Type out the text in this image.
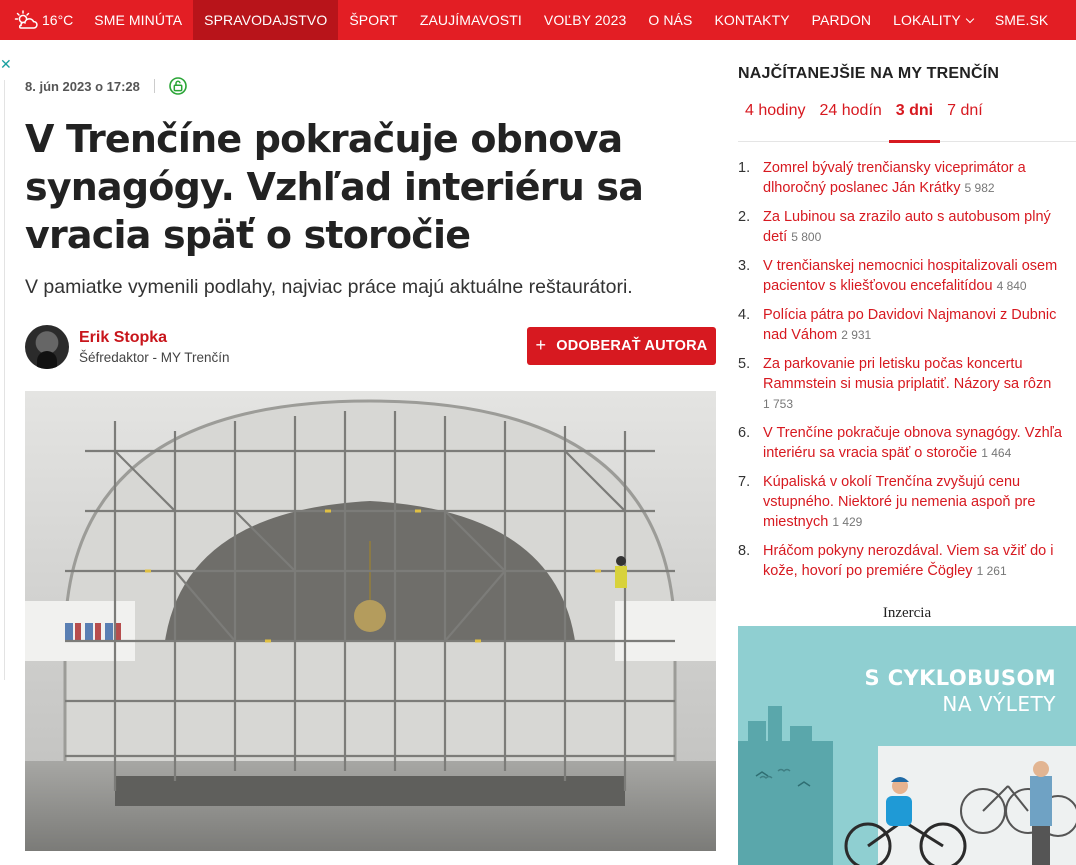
16°C	SME MINÚTA	SPRAVODAJSTVO	ŠPORT	ZAUJÍMAVOSTI	VOĽBY 2023	O NÁS	KONTAKTY	PARDON	LOKALITY	SME.SK
✕
8. jún 2023 o 17:28
V Trenčíne pokračuje obnova synagógy. Vzhľad interiéru sa vracia späť o storočie

V pamiatke vymenili podlahy, najviac práce majú aktuálne reštaurátori.

Erik Stopka
Šéfredaktor - MY Trenčín
+ ODOBERAŤ AUTORA
NAJČÍTANEJŠIE NA MY TRENČÍN
4 hodiny 24 hodín 3 dni 7 dní
1. Zomrel bývalý trenčiansky viceprimátor a
dlhoročný poslanec Ján Krátky 5 982
2. Za Lubinou sa zrazilo auto s autobusom plný
detí 5 800
3. V trenčianskej nemocnici hospitalizovali osem
pacientov s kliešťovou encefalitídou 4 840
4. Polícia pátra po Davidovi Najmanovi z Dubnic
nad Váhom 2 931
5. Za parkovanie pri letisku počas koncertu
Rammstein si musia priplatiť. Názory sa rôzn
1 753
6. V Trenčíne pokračuje obnova synagógy. Vzhľa
interiéru sa vracia späť o storočie 1 464
7. Kúpaliská v okolí Trenčína zvyšujú cenu
vstupného. Niektoré ju nemenia aspoň pre
miestnych 1 429
8. Hráčom pokyny nerozdával. Viem sa vžiť do i
kože, hovorí po premiére Čögley 1 261
Inzercia
S CYKLOBUSOM
NA VÝLETY
